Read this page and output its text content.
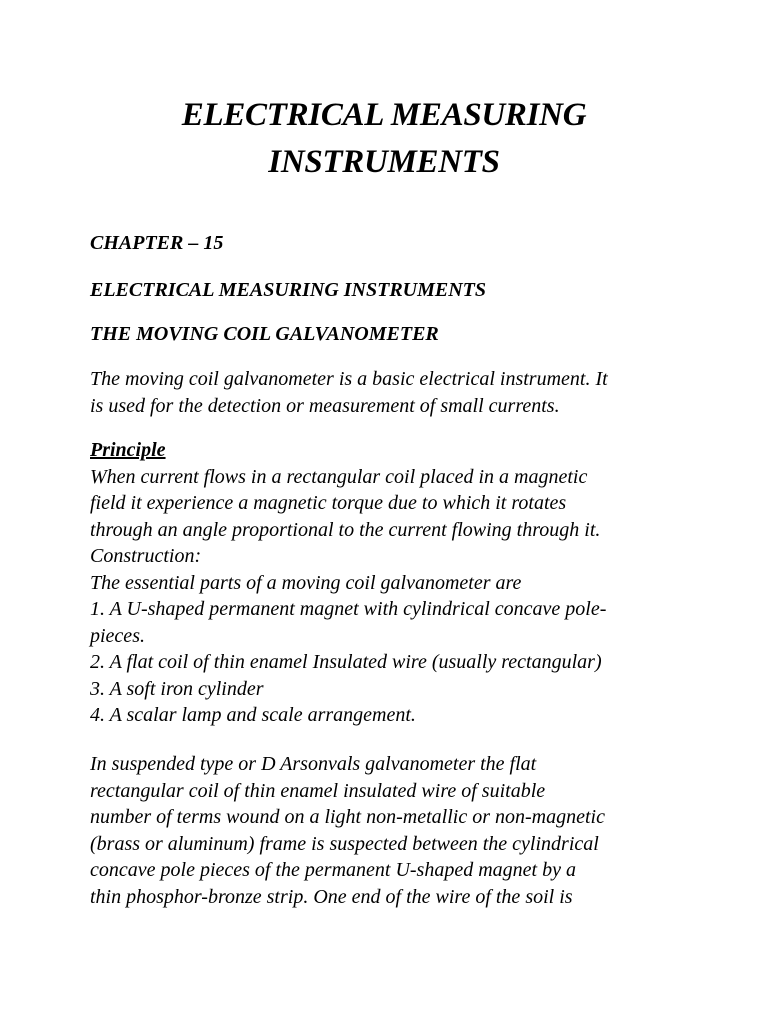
ELECTRICAL MEASURING
INSTRUMENTS
CHAPTER – 15
ELECTRICAL MEASURING INSTRUMENTS
THE MOVING COIL GALVANOMETER
The moving coil galvanometer is a basic electrical instrument. It
is used for the detection or measurement of small currents.
Principle
When current flows in a rectangular coil placed in a magnetic
field it experience a magnetic torque due to which it rotates
through an angle proportional to the current flowing through it.
Construction:
The essential parts of a moving coil galvanometer are
1. A U-shaped permanent magnet with cylindrical concave pole-
pieces.
2. A flat coil of thin enamel Insulated wire (usually rectangular)
3. A soft iron cylinder
4. A scalar lamp and scale arrangement.
In suspended type or D Arsonvals galvanometer the flat
rectangular coil of thin enamel insulated wire of suitable
number of terms wound on a light non-metallic or non-magnetic
(brass or aluminum) frame is suspected between the cylindrical
concave pole pieces of the permanent U-shaped magnet by a
thin phosphor-bronze strip. One end of the wire of the soil is
